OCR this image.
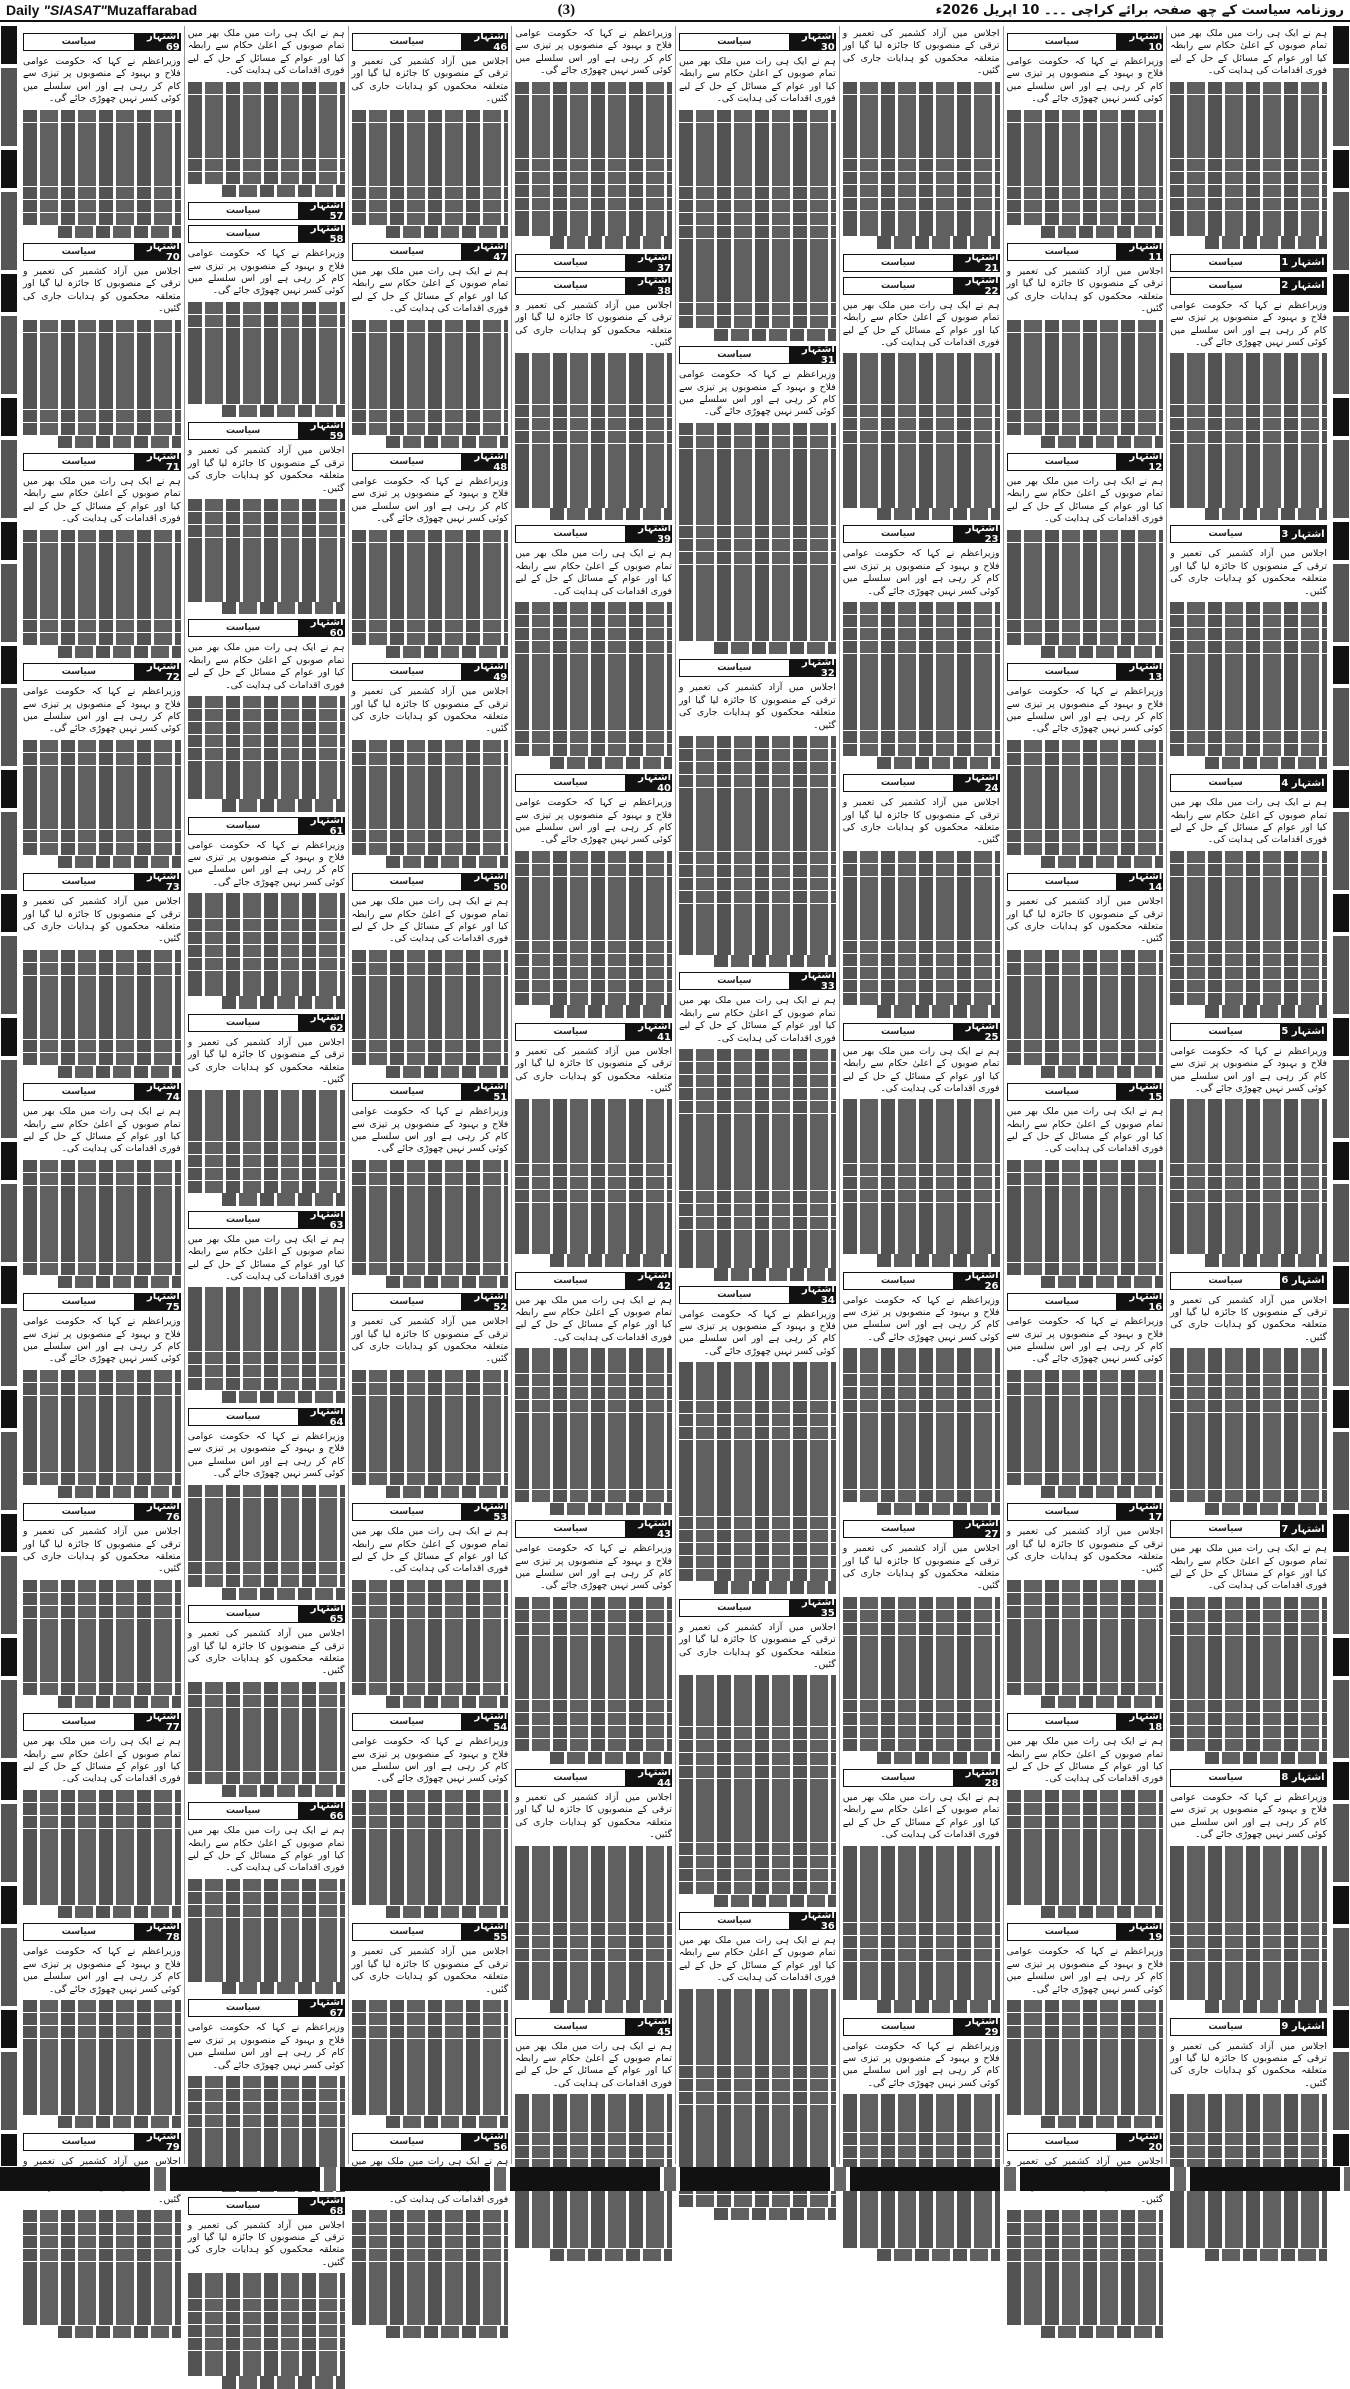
Daily "SIASAT"Muzaffarabad	(3)	روزنامہ سیاست کے چھ صفحہ برائے کراچی ۔۔۔ 10 اپریل 2026ء
ہم نے ایک ہی رات میں ملک بھر میں تمام صوبوں کے اعلیٰ حکام سے رابطہ کیا اور عوام کے مسائل کے حل کے لیے فوری اقدامات کی ہدایت کی۔
سیاست	اشتہار 1
سیاست	اشتہار 2
وزیراعظم نے کہا کہ حکومت عوامی فلاح و بہبود کے منصوبوں پر تیزی سے کام کر رہی ہے اور اس سلسلے میں کوئی کسر نہیں چھوڑی جائے گی۔
سیاست	اشتہار 3
اجلاس میں آزاد کشمیر کی تعمیر و ترقی کے منصوبوں کا جائزہ لیا گیا اور متعلقہ محکموں کو ہدایات جاری کی گئیں۔
سیاست	اشتہار 4
ہم نے ایک ہی رات میں ملک بھر میں تمام صوبوں کے اعلیٰ حکام سے رابطہ کیا اور عوام کے مسائل کے حل کے لیے فوری اقدامات کی ہدایت کی۔
سیاست	اشتہار 5
وزیراعظم نے کہا کہ حکومت عوامی فلاح و بہبود کے منصوبوں پر تیزی سے کام کر رہی ہے اور اس سلسلے میں کوئی کسر نہیں چھوڑی جائے گی۔
سیاست	اشتہار 6
اجلاس میں آزاد کشمیر کی تعمیر و ترقی کے منصوبوں کا جائزہ لیا گیا اور متعلقہ محکموں کو ہدایات جاری کی گئیں۔
سیاست	اشتہار 7
ہم نے ایک ہی رات میں ملک بھر میں تمام صوبوں کے اعلیٰ حکام سے رابطہ کیا اور عوام کے مسائل کے حل کے لیے فوری اقدامات کی ہدایت کی۔
سیاست	اشتہار 8
وزیراعظم نے کہا کہ حکومت عوامی فلاح و بہبود کے منصوبوں پر تیزی سے کام کر رہی ہے اور اس سلسلے میں کوئی کسر نہیں چھوڑی جائے گی۔
سیاست	اشتہار 9
اجلاس میں آزاد کشمیر کی تعمیر و ترقی کے منصوبوں کا جائزہ لیا گیا اور متعلقہ محکموں کو ہدایات جاری کی گئیں۔
سیاست	اشتہار 10
وزیراعظم نے کہا کہ حکومت عوامی فلاح و بہبود کے منصوبوں پر تیزی سے کام کر رہی ہے اور اس سلسلے میں کوئی کسر نہیں چھوڑی جائے گی۔
سیاست	اشتہار 11
اجلاس میں آزاد کشمیر کی تعمیر و ترقی کے منصوبوں کا جائزہ لیا گیا اور متعلقہ محکموں کو ہدایات جاری کی گئیں۔
سیاست	اشتہار 12
ہم نے ایک ہی رات میں ملک بھر میں تمام صوبوں کے اعلیٰ حکام سے رابطہ کیا اور عوام کے مسائل کے حل کے لیے فوری اقدامات کی ہدایت کی۔
سیاست	اشتہار 13
وزیراعظم نے کہا کہ حکومت عوامی فلاح و بہبود کے منصوبوں پر تیزی سے کام کر رہی ہے اور اس سلسلے میں کوئی کسر نہیں چھوڑی جائے گی۔
سیاست	اشتہار 14
اجلاس میں آزاد کشمیر کی تعمیر و ترقی کے منصوبوں کا جائزہ لیا گیا اور متعلقہ محکموں کو ہدایات جاری کی گئیں۔
سیاست	اشتہار 15
ہم نے ایک ہی رات میں ملک بھر میں تمام صوبوں کے اعلیٰ حکام سے رابطہ کیا اور عوام کے مسائل کے حل کے لیے فوری اقدامات کی ہدایت کی۔
سیاست	اشتہار 16
وزیراعظم نے کہا کہ حکومت عوامی فلاح و بہبود کے منصوبوں پر تیزی سے کام کر رہی ہے اور اس سلسلے میں کوئی کسر نہیں چھوڑی جائے گی۔
سیاست	اشتہار 17
اجلاس میں آزاد کشمیر کی تعمیر و ترقی کے منصوبوں کا جائزہ لیا گیا اور متعلقہ محکموں کو ہدایات جاری کی گئیں۔
سیاست	اشتہار 18
ہم نے ایک ہی رات میں ملک بھر میں تمام صوبوں کے اعلیٰ حکام سے رابطہ کیا اور عوام کے مسائل کے حل کے لیے فوری اقدامات کی ہدایت کی۔
سیاست	اشتہار 19
وزیراعظم نے کہا کہ حکومت عوامی فلاح و بہبود کے منصوبوں پر تیزی سے کام کر رہی ہے اور اس سلسلے میں کوئی کسر نہیں چھوڑی جائے گی۔
سیاست	اشتہار 20
اجلاس میں آزاد کشمیر کی تعمیر و گئیں۔
اجلاس میں آزاد کشمیر کی تعمیر و ترقی کے منصوبوں کا جائزہ لیا گیا اور متعلقہ محکموں کو ہدایات جاری کی گئیں۔
سیاست	اشتہار 21
سیاست	اشتہار 22
ہم نے ایک ہی رات میں ملک بھر میں تمام صوبوں کے اعلیٰ حکام سے رابطہ کیا اور عوام کے مسائل کے حل کے لیے فوری اقدامات کی ہدایت کی۔
سیاست	اشتہار 23
وزیراعظم نے کہا کہ حکومت عوامی فلاح و بہبود کے منصوبوں پر تیزی سے کام کر رہی ہے اور اس سلسلے میں کوئی کسر نہیں چھوڑی جائے گی۔
سیاست	اشتہار 24
اجلاس میں آزاد کشمیر کی تعمیر و ترقی کے منصوبوں کا جائزہ لیا گیا اور متعلقہ محکموں کو ہدایات جاری کی گئیں۔
سیاست	اشتہار 25
ہم نے ایک ہی رات میں ملک بھر میں تمام صوبوں کے اعلیٰ حکام سے رابطہ کیا اور عوام کے مسائل کے حل کے لیے فوری اقدامات کی ہدایت کی۔
سیاست	اشتہار 26
وزیراعظم نے کہا کہ حکومت عوامی فلاح و بہبود کے منصوبوں پر تیزی سے کام کر رہی ہے اور اس سلسلے میں کوئی کسر نہیں چھوڑی جائے گی۔
سیاست	اشتہار 27
اجلاس میں آزاد کشمیر کی تعمیر و ترقی کے منصوبوں کا جائزہ لیا گیا اور متعلقہ محکموں کو ہدایات جاری کی گئیں۔
سیاست	اشتہار 28
ہم نے ایک ہی رات میں ملک بھر میں تمام صوبوں کے اعلیٰ حکام سے رابطہ کیا اور عوام کے مسائل کے حل کے لیے فوری اقدامات کی ہدایت کی۔
سیاست	اشتہار 29
وزیراعظم نے کہا کہ حکومت عوامی فلاح و بہبود کے منصوبوں پر تیزی سے کام کر رہی ہے اور اس سلسلے میں کوئی کسر نہیں چھوڑی جائے گی۔
سیاست	اشتہار 30
ہم نے ایک ہی رات میں ملک بھر میں تمام صوبوں کے اعلیٰ حکام سے رابطہ کیا اور عوام کے مسائل کے حل کے لیے فوری اقدامات کی ہدایت کی۔
سیاست	اشتہار 31
وزیراعظم نے کہا کہ حکومت عوامی فلاح و بہبود کے منصوبوں پر تیزی سے کام کر رہی ہے اور اس سلسلے میں کوئی کسر نہیں چھوڑی جائے گی۔
سیاست	اشتہار 32
اجلاس میں آزاد کشمیر کی تعمیر و ترقی کے منصوبوں کا جائزہ لیا گیا اور متعلقہ محکموں کو ہدایات جاری کی گئیں۔
سیاست	اشتہار 33
ہم نے ایک ہی رات میں ملک بھر میں تمام صوبوں کے اعلیٰ حکام سے رابطہ کیا اور عوام کے مسائل کے حل کے لیے فوری اقدامات کی ہدایت کی۔
سیاست	اشتہار 34
وزیراعظم نے کہا کہ حکومت عوامی فلاح و بہبود کے منصوبوں پر تیزی سے کام کر رہی ہے اور اس سلسلے میں کوئی کسر نہیں چھوڑی جائے گی۔
سیاست	اشتہار 35
اجلاس میں آزاد کشمیر کی تعمیر و ترقی کے منصوبوں کا جائزہ لیا گیا اور متعلقہ محکموں کو ہدایات جاری کی گئیں۔
سیاست	اشتہار 36
ہم نے ایک ہی رات میں ملک بھر میں تمام صوبوں کے اعلیٰ حکام سے رابطہ کیا اور عوام کے مسائل کے حل کے لیے فوری اقدامات کی ہدایت کی۔
وزیراعظم نے کہا کہ حکومت عوامی فلاح و بہبود کے منصوبوں پر تیزی سے کام کر رہی ہے اور اس سلسلے میں کوئی کسر نہیں چھوڑی جائے گی۔
سیاست	اشتہار 37
سیاست	اشتہار 38
اجلاس میں آزاد کشمیر کی تعمیر و ترقی کے منصوبوں کا جائزہ لیا گیا اور متعلقہ محکموں کو ہدایات جاری کی گئیں۔
سیاست	اشتہار 39
ہم نے ایک ہی رات میں ملک بھر میں تمام صوبوں کے اعلیٰ حکام سے رابطہ کیا اور عوام کے مسائل کے حل کے لیے فوری اقدامات کی ہدایت کی۔
سیاست	اشتہار 40
وزیراعظم نے کہا کہ حکومت عوامی فلاح و بہبود کے منصوبوں پر تیزی سے کام کر رہی ہے اور اس سلسلے میں کوئی کسر نہیں چھوڑی جائے گی۔
سیاست	اشتہار 41
اجلاس میں آزاد کشمیر کی تعمیر و ترقی کے منصوبوں کا جائزہ لیا گیا اور متعلقہ محکموں کو ہدایات جاری کی گئیں۔
سیاست	اشتہار 42
ہم نے ایک ہی رات میں ملک بھر میں تمام صوبوں کے اعلیٰ حکام سے رابطہ کیا اور عوام کے مسائل کے حل کے لیے فوری اقدامات کی ہدایت کی۔
سیاست	اشتہار 43
وزیراعظم نے کہا کہ حکومت عوامی فلاح و بہبود کے منصوبوں پر تیزی سے کام کر رہی ہے اور اس سلسلے میں کوئی کسر نہیں چھوڑی جائے گی۔
سیاست	اشتہار 44
اجلاس میں آزاد کشمیر کی تعمیر و ترقی کے منصوبوں کا جائزہ لیا گیا اور متعلقہ محکموں کو ہدایات جاری کی گئیں۔
سیاست	اشتہار 45
ہم نے ایک ہی رات میں ملک بھر میں تمام صوبوں کے اعلیٰ حکام سے رابطہ کیا اور عوام کے مسائل کے حل کے لیے فوری اقدامات کی ہدایت کی۔
سیاست	اشتہار 46
اجلاس میں آزاد کشمیر کی تعمیر و ترقی کے منصوبوں کا جائزہ لیا گیا اور متعلقہ محکموں کو ہدایات جاری کی گئیں۔
سیاست	اشتہار 47
ہم نے ایک ہی رات میں ملک بھر میں تمام صوبوں کے اعلیٰ حکام سے رابطہ کیا اور عوام کے مسائل کے حل کے لیے فوری اقدامات کی ہدایت کی۔
سیاست	اشتہار 48
وزیراعظم نے کہا کہ حکومت عوامی فلاح و بہبود کے منصوبوں پر تیزی سے کام کر رہی ہے اور اس سلسلے میں کوئی کسر نہیں چھوڑی جائے گی۔
سیاست	اشتہار 49
اجلاس میں آزاد کشمیر کی تعمیر و ترقی کے منصوبوں کا جائزہ لیا گیا اور متعلقہ محکموں کو ہدایات جاری کی گئیں۔
سیاست	اشتہار 50
ہم نے ایک ہی رات میں ملک بھر میں تمام صوبوں کے اعلیٰ حکام سے رابطہ کیا اور عوام کے مسائل کے حل کے لیے فوری اقدامات کی ہدایت کی۔
سیاست	اشتہار 51
وزیراعظم نے کہا کہ حکومت عوامی فلاح و بہبود کے منصوبوں پر تیزی سے کام کر رہی ہے اور اس سلسلے میں کوئی کسر نہیں چھوڑی جائے گی۔
سیاست	اشتہار 52
اجلاس میں آزاد کشمیر کی تعمیر و ترقی کے منصوبوں کا جائزہ لیا گیا اور متعلقہ محکموں کو ہدایات جاری کی گئیں۔
سیاست	اشتہار 53
ہم نے ایک ہی رات میں ملک بھر میں تمام صوبوں کے اعلیٰ حکام سے رابطہ کیا اور عوام کے مسائل کے حل کے لیے فوری اقدامات کی ہدایت کی۔
سیاست	اشتہار 54
وزیراعظم نے کہا کہ حکومت عوامی فلاح و بہبود کے منصوبوں پر تیزی سے کام کر رہی ہے اور اس سلسلے میں کوئی کسر نہیں چھوڑی جائے گی۔
سیاست	اشتہار 55
اجلاس میں آزاد کشمیر کی تعمیر و ترقی کے منصوبوں کا جائزہ لیا گیا اور متعلقہ محکموں کو ہدایات جاری کی گئیں۔
سیاست	اشتہار 56
ہم نے ایک ہی رات میں ملک بھر میں فوری اقدامات کی ہدایت کی۔
ہم نے ایک ہی رات میں ملک بھر میں تمام صوبوں کے اعلیٰ حکام سے رابطہ کیا اور عوام کے مسائل کے حل کے لیے فوری اقدامات کی ہدایت کی۔
سیاست	اشتہار 57
سیاست	اشتہار 58
وزیراعظم نے کہا کہ حکومت عوامی فلاح و بہبود کے منصوبوں پر تیزی سے کام کر رہی ہے اور اس سلسلے میں کوئی کسر نہیں چھوڑی جائے گی۔
سیاست	اشتہار 59
اجلاس میں آزاد کشمیر کی تعمیر و ترقی کے منصوبوں کا جائزہ لیا گیا اور متعلقہ محکموں کو ہدایات جاری کی گئیں۔
سیاست	اشتہار 60
ہم نے ایک ہی رات میں ملک بھر میں تمام صوبوں کے اعلیٰ حکام سے رابطہ کیا اور عوام کے مسائل کے حل کے لیے فوری اقدامات کی ہدایت کی۔
سیاست	اشتہار 61
وزیراعظم نے کہا کہ حکومت عوامی فلاح و بہبود کے منصوبوں پر تیزی سے کام کر رہی ہے اور اس سلسلے میں کوئی کسر نہیں چھوڑی جائے گی۔
سیاست	اشتہار 62
اجلاس میں آزاد کشمیر کی تعمیر و ترقی کے منصوبوں کا جائزہ لیا گیا اور متعلقہ محکموں کو ہدایات جاری کی گئیں۔
سیاست	اشتہار 63
ہم نے ایک ہی رات میں ملک بھر میں تمام صوبوں کے اعلیٰ حکام سے رابطہ کیا اور عوام کے مسائل کے حل کے لیے فوری اقدامات کی ہدایت کی۔
سیاست	اشتہار 64
وزیراعظم نے کہا کہ حکومت عوامی فلاح و بہبود کے منصوبوں پر تیزی سے کام کر رہی ہے اور اس سلسلے میں کوئی کسر نہیں چھوڑی جائے گی۔
سیاست	اشتہار 65
اجلاس میں آزاد کشمیر کی تعمیر و ترقی کے منصوبوں کا جائزہ لیا گیا اور متعلقہ محکموں کو ہدایات جاری کی گئیں۔
سیاست	اشتہار 66
ہم نے ایک ہی رات میں ملک بھر میں تمام صوبوں کے اعلیٰ حکام سے رابطہ کیا اور عوام کے مسائل کے حل کے لیے فوری اقدامات کی ہدایت کی۔
سیاست	اشتہار 67
وزیراعظم نے کہا کہ حکومت عوامی فلاح و بہبود کے منصوبوں پر تیزی سے کام کر رہی ہے اور اس سلسلے میں کوئی کسر نہیں چھوڑی جائے گی۔
سیاست	اشتہار 68
اجلاس میں آزاد کشمیر کی تعمیر و ترقی کے منصوبوں کا جائزہ لیا گیا اور متعلقہ محکموں کو ہدایات جاری کی گئیں۔
سیاست	اشتہار 69
وزیراعظم نے کہا کہ حکومت عوامی فلاح و بہبود کے منصوبوں پر تیزی سے کام کر رہی ہے اور اس سلسلے میں کوئی کسر نہیں چھوڑی جائے گی۔
سیاست	اشتہار 70
اجلاس میں آزاد کشمیر کی تعمیر و ترقی کے منصوبوں کا جائزہ لیا گیا اور متعلقہ محکموں کو ہدایات جاری کی گئیں۔
سیاست	اشتہار 71
ہم نے ایک ہی رات میں ملک بھر میں تمام صوبوں کے اعلیٰ حکام سے رابطہ کیا اور عوام کے مسائل کے حل کے لیے فوری اقدامات کی ہدایت کی۔
سیاست	اشتہار 72
وزیراعظم نے کہا کہ حکومت عوامی فلاح و بہبود کے منصوبوں پر تیزی سے کام کر رہی ہے اور اس سلسلے میں کوئی کسر نہیں چھوڑی جائے گی۔
سیاست	اشتہار 73
اجلاس میں آزاد کشمیر کی تعمیر و ترقی کے منصوبوں کا جائزہ لیا گیا اور متعلقہ محکموں کو ہدایات جاری کی گئیں۔
سیاست	اشتہار 74
ہم نے ایک ہی رات میں ملک بھر میں تمام صوبوں کے اعلیٰ حکام سے رابطہ کیا اور عوام کے مسائل کے حل کے لیے فوری اقدامات کی ہدایت کی۔
سیاست	اشتہار 75
وزیراعظم نے کہا کہ حکومت عوامی فلاح و بہبود کے منصوبوں پر تیزی سے کام کر رہی ہے اور اس سلسلے میں کوئی کسر نہیں چھوڑی جائے گی۔
سیاست	اشتہار 76
اجلاس میں آزاد کشمیر کی تعمیر و ترقی کے منصوبوں کا جائزہ لیا گیا اور متعلقہ محکموں کو ہدایات جاری کی گئیں۔
سیاست	اشتہار 77
ہم نے ایک ہی رات میں ملک بھر میں تمام صوبوں کے اعلیٰ حکام سے رابطہ کیا اور عوام کے مسائل کے حل کے لیے فوری اقدامات کی ہدایت کی۔
سیاست	اشتہار 78
وزیراعظم نے کہا کہ حکومت عوامی فلاح و بہبود کے منصوبوں پر تیزی سے کام کر رہی ہے اور اس سلسلے میں کوئی کسر نہیں چھوڑی جائے گی۔
سیاست	اشتہار 79
اجلاس میں آزاد کشمیر کی تعمیر و گئیں۔
